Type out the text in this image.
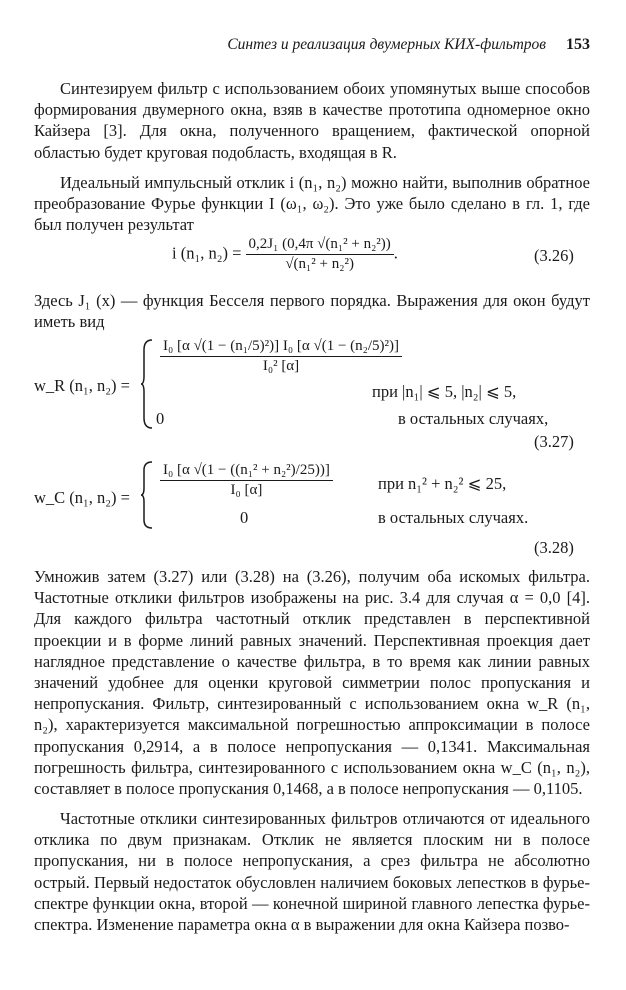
Синтез и реализация двумерных КИХ-фильтров 153

Синтезируем фильтр с использованием обоих упомянутых выше способов формирования двумерного окна, взяв в качестве прототипа одномерное окно Кайзера [3]. Для окна, полученного вращением, фактической опорной областью будет круговая подобласть, входящая в R.

Идеальный импульсный отклик i (n₁, n₂) можно найти, выполнив обратное преобразование Фурье функции I (ω₁, ω₂). Это уже было сделано в гл. 1, где был получен результат

i (n₁, $n_2) = \frac{\text{0,2J₁ (0,4π √(n₁² + n₂²))}}{\text{√(n₁² + n₂²)}}$ .	(3.26)

Здесь J₁ (x) — функция Бесселя первого порядка. Выражения для окон будут иметь вид

w_R (n₁, n₂) =
$\frac{\text{I₀ [α √(1 − (n₁/5)²)] I₀ [α √(1 − (n₂/5)²)]}}{\text{I₀² [α]}}$
при |n₁| ⩽ 5, |n₂| ⩽ 5,
0	в остальных случаях,
(3.27)
w_C (n₁, $n_2) = \frac{\text{I₀ [α √(1 − ((n₁² + n₂²)/25))]}}{\text{I₀ [α]}}$	при n₁² + n₂² ⩽ 25,
0	в остальных случаях.
(3.28)

Умножив затем (3.27) или (3.28) на (3.26), получим оба искомых фильтра. Частотные отклики фильтров изображены на рис. 3.4 для случая α = 0,0 [4]. Для каждого фильтра частотный отклик представлен в перспективной проекции и в форме линий равных значений. Перспективная проекция дает наглядное представление о качестве фильтра, в то время как линии равных значений удобнее для оценки круговой симметрии полос пропускания и непропускания. Фильтр, синтезированный с использованием окна w_R (n₁, n₂), характеризуется максимальной погрешностью аппроксимации в полосе пропускания 0,2914, а в полосе непропускания — 0,1341. Максимальная погрешность фильтра, синтезированного с использованием окна w_C (n₁, n₂), составляет в полосе пропускания 0,1468, а в полосе непропускания — 0,1105.

Частотные отклики синтезированных фильтров отличаются от идеального отклика по двум признакам. Отклик не является плоским ни в полосе пропускания, ни в полосе непропускания, а срез фильтра не абсолютно острый. Первый недостаток обусловлен наличием боковых лепестков в фурье-спектре функции окна, второй — конечной шириной главного лепестка фурье-спектра. Изменение параметра окна α в выражении для окна Кайзера позво-
